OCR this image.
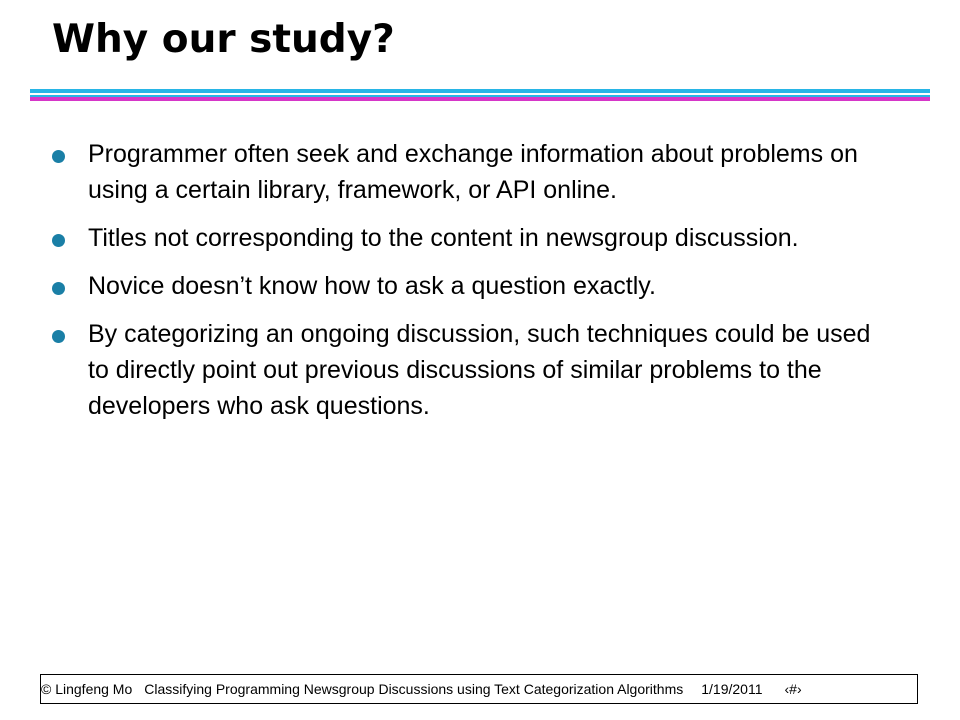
Why our study?
Programmer often seek and exchange information about problems on using a certain library, framework, or API online.
Titles not corresponding to the content in newsgroup discussion.
Novice doesn’t know how to ask a question exactly.
By categorizing an ongoing discussion, such techniques could be used to directly point out previous discussions of similar problems to the developers who ask questions.
© Lingfeng Mo Classifying Programming Newsgroup Discussions using Text Categorization Algorithms 1/19/2011 ‹#›
